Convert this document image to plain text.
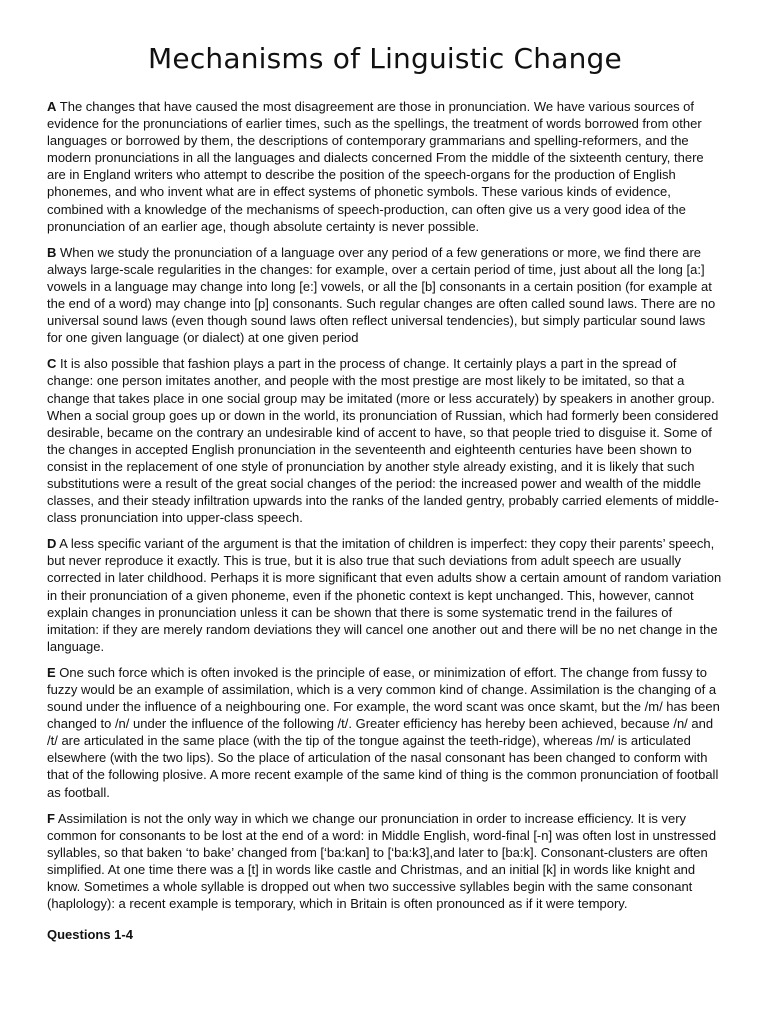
Mechanisms of Linguistic Change

A The changes that have caused the most disagreement are those in pronunciation. We have various sources of evidence for the pronunciations of earlier times, such as the spellings, the treatment of words borrowed from other languages or borrowed by them, the descriptions of contemporary grammarians and spelling-reformers, and the modern pronunciations in all the languages and dialects concerned From the middle of the sixteenth century, there are in England writers who attempt to describe the position of the speech-organs for the production of English phonemes, and who invent what are in effect systems of phonetic symbols. These various kinds of evidence, combined with a knowledge of the mechanisms of speech-production, can often give us a very good idea of the pronunciation of an earlier age, though absolute certainty is never possible.

B When we study the pronunciation of a language over any period of a few generations or more, we find there are always large-scale regularities in the changes: for example, over a certain period of time, just about all the long [a:] vowels in a language may change into long [e:] vowels, or all the [b] consonants in a certain position (for example at the end of a word) may change into [p] consonants. Such regular changes are often called sound laws. There are no universal sound laws (even though sound laws often reflect universal tendencies), but simply particular sound laws for one given language (or dialect) at one given period

C It is also possible that fashion plays a part in the process of change. It certainly plays a part in the spread of change: one person imitates another, and people with the most prestige are most likely to be imitated, so that a change that takes place in one social group may be imitated (more or less accurately) by speakers in another group. When a social group goes up or down in the world, its pronunciation of Russian, which had formerly been considered desirable, became on the contrary an undesirable kind of accent to have, so that people tried to disguise it. Some of the changes in accepted English pronunciation in the seventeenth and eighteenth centuries have been shown to consist in the replacement of one style of pronunciation by another style already existing, and it is likely that such substitutions were a result of the great social changes of the period: the increased power and wealth of the middle classes, and their steady infiltration upwards into the ranks of the landed gentry, probably carried elements of middle-class pronunciation into upper-class speech.

D A less specific variant of the argument is that the imitation of children is imperfect: they copy their parents’ speech, but never reproduce it exactly. This is true, but it is also true that such deviations from adult speech are usually corrected in later childhood. Perhaps it is more significant that even adults show a certain amount of random variation in their pronunciation of a given phoneme, even if the phonetic context is kept unchanged. This, however, cannot explain changes in pronunciation unless it can be shown that there is some systematic trend in the failures of imitation: if they are merely random deviations they will cancel one another out and there will be no net change in the language.

E One such force which is often invoked is the principle of ease, or minimization of effort. The change from fussy to fuzzy would be an example of assimilation, which is a very common kind of change. Assimilation is the changing of a sound under the influence of a neighbouring one. For example, the word scant was once skamt, but the /m/ has been changed to /n/ under the influence of the following /t/. Greater efficiency has hereby been achieved, because /n/ and /t/ are articulated in the same place (with the tip of the tongue against the teeth-ridge), whereas /m/ is articulated elsewhere (with the two lips). So the place of articulation of the nasal consonant has been changed to conform with that of the following plosive. A more recent example of the same kind of thing is the common pronunciation of football as football.

F Assimilation is not the only way in which we change our pronunciation in order to increase efficiency. It is very common for consonants to be lost at the end of a word: in Middle English, word-final [-n] was often lost in unstressed syllables, so that baken ‘to bake’ changed from [‘ba:kan] to [‘ba:k3],and later to [ba:k]. Consonant-clusters are often simplified. At one time there was a [t] in words like castle and Christmas, and an initial [k] in words like knight and know. Sometimes a whole syllable is dropped out when two successive syllables begin with the same consonant (haplology): a recent example is temporary, which in Britain is often pronounced as if it were tempory.

Questions 1-4
